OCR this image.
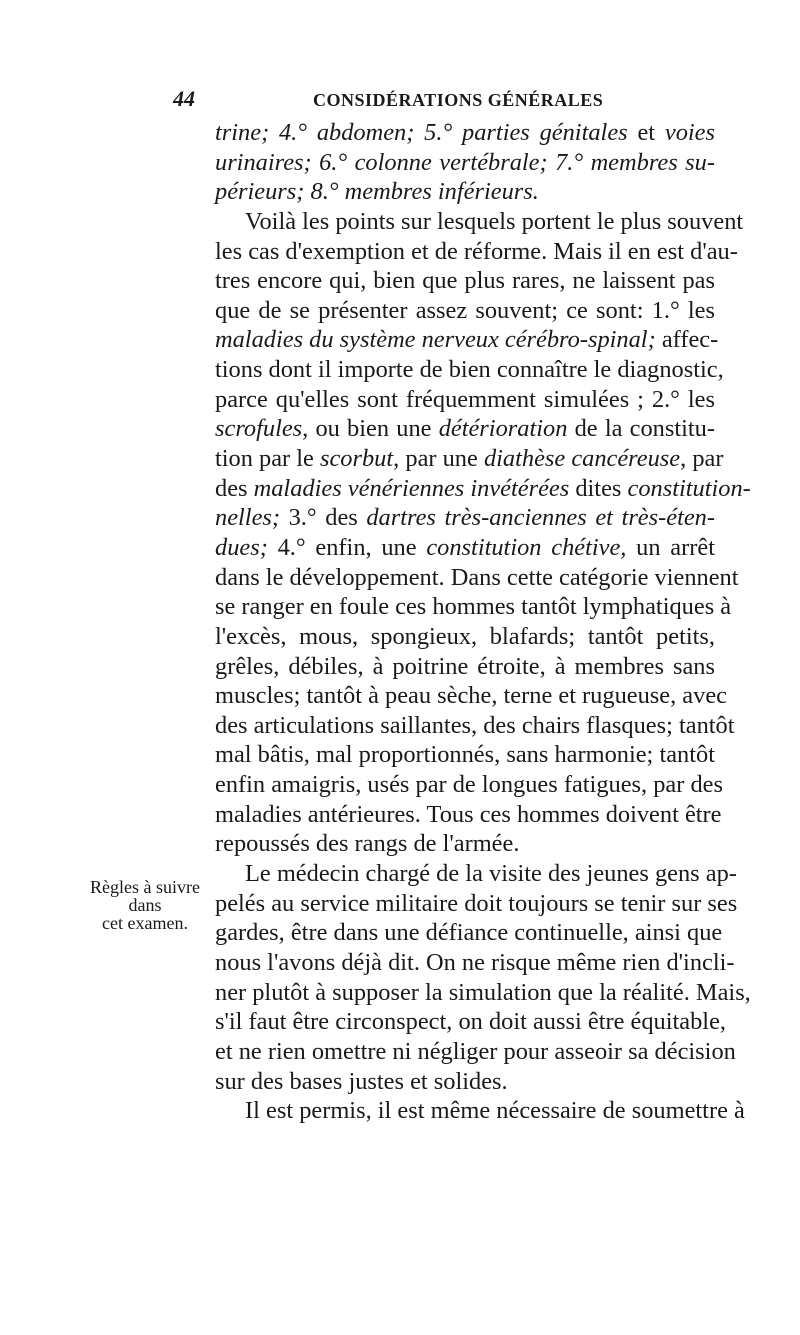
44	CONSIDÉRATIONS GÉNÉRALES
Règles à suivre
dans
cet examen.
trine; 4.° abdomen; 5.° parties génitales et voies
urinaires; 6.° colonne vertébrale; 7.° membres su-
périeurs; 8.° membres inférieurs.
Voilà les points sur lesquels portent le plus souvent
les cas d'exemption et de réforme. Mais il en est d'au-
tres encore qui, bien que plus rares, ne laissent pas
que de se présenter assez souvent; ce sont: 1.° les
maladies du système nerveux cérébro-spinal; affec-
tions dont il importe de bien connaître le diagnostic,
parce qu'elles sont fréquemment simulées ; 2.° les
scrofules, ou bien une détérioration de la constitu-
tion par le scorbut, par une diathèse cancéreuse, par
des maladies vénériennes invétérées dites constitution-
nelles; 3.° des dartres très-anciennes et très-éten-
dues; 4.° enfin, une constitution chétive, un arrêt
dans le développement. Dans cette catégorie viennent
se ranger en foule ces hommes tantôt lymphatiques à
l'excès, mous, spongieux, blafards; tantôt petits,
grêles, débiles, à poitrine étroite, à membres sans
muscles; tantôt à peau sèche, terne et rugueuse, avec
des articulations saillantes, des chairs flasques; tantôt
mal bâtis, mal proportionnés, sans harmonie; tantôt
enfin amaigris, usés par de longues fatigues, par des
maladies antérieures. Tous ces hommes doivent être
repoussés des rangs de l'armée.
Le médecin chargé de la visite des jeunes gens ap-
pelés au service militaire doit toujours se tenir sur ses
gardes, être dans une défiance continuelle, ainsi que
nous l'avons déjà dit. On ne risque même rien d'incli-
ner plutôt à supposer la simulation que la réalité. Mais,
s'il faut être circonspect, on doit aussi être équitable,
et ne rien omettre ni négliger pour asseoir sa décision
sur des bases justes et solides.
Il est permis, il est même nécessaire de soumettre à
